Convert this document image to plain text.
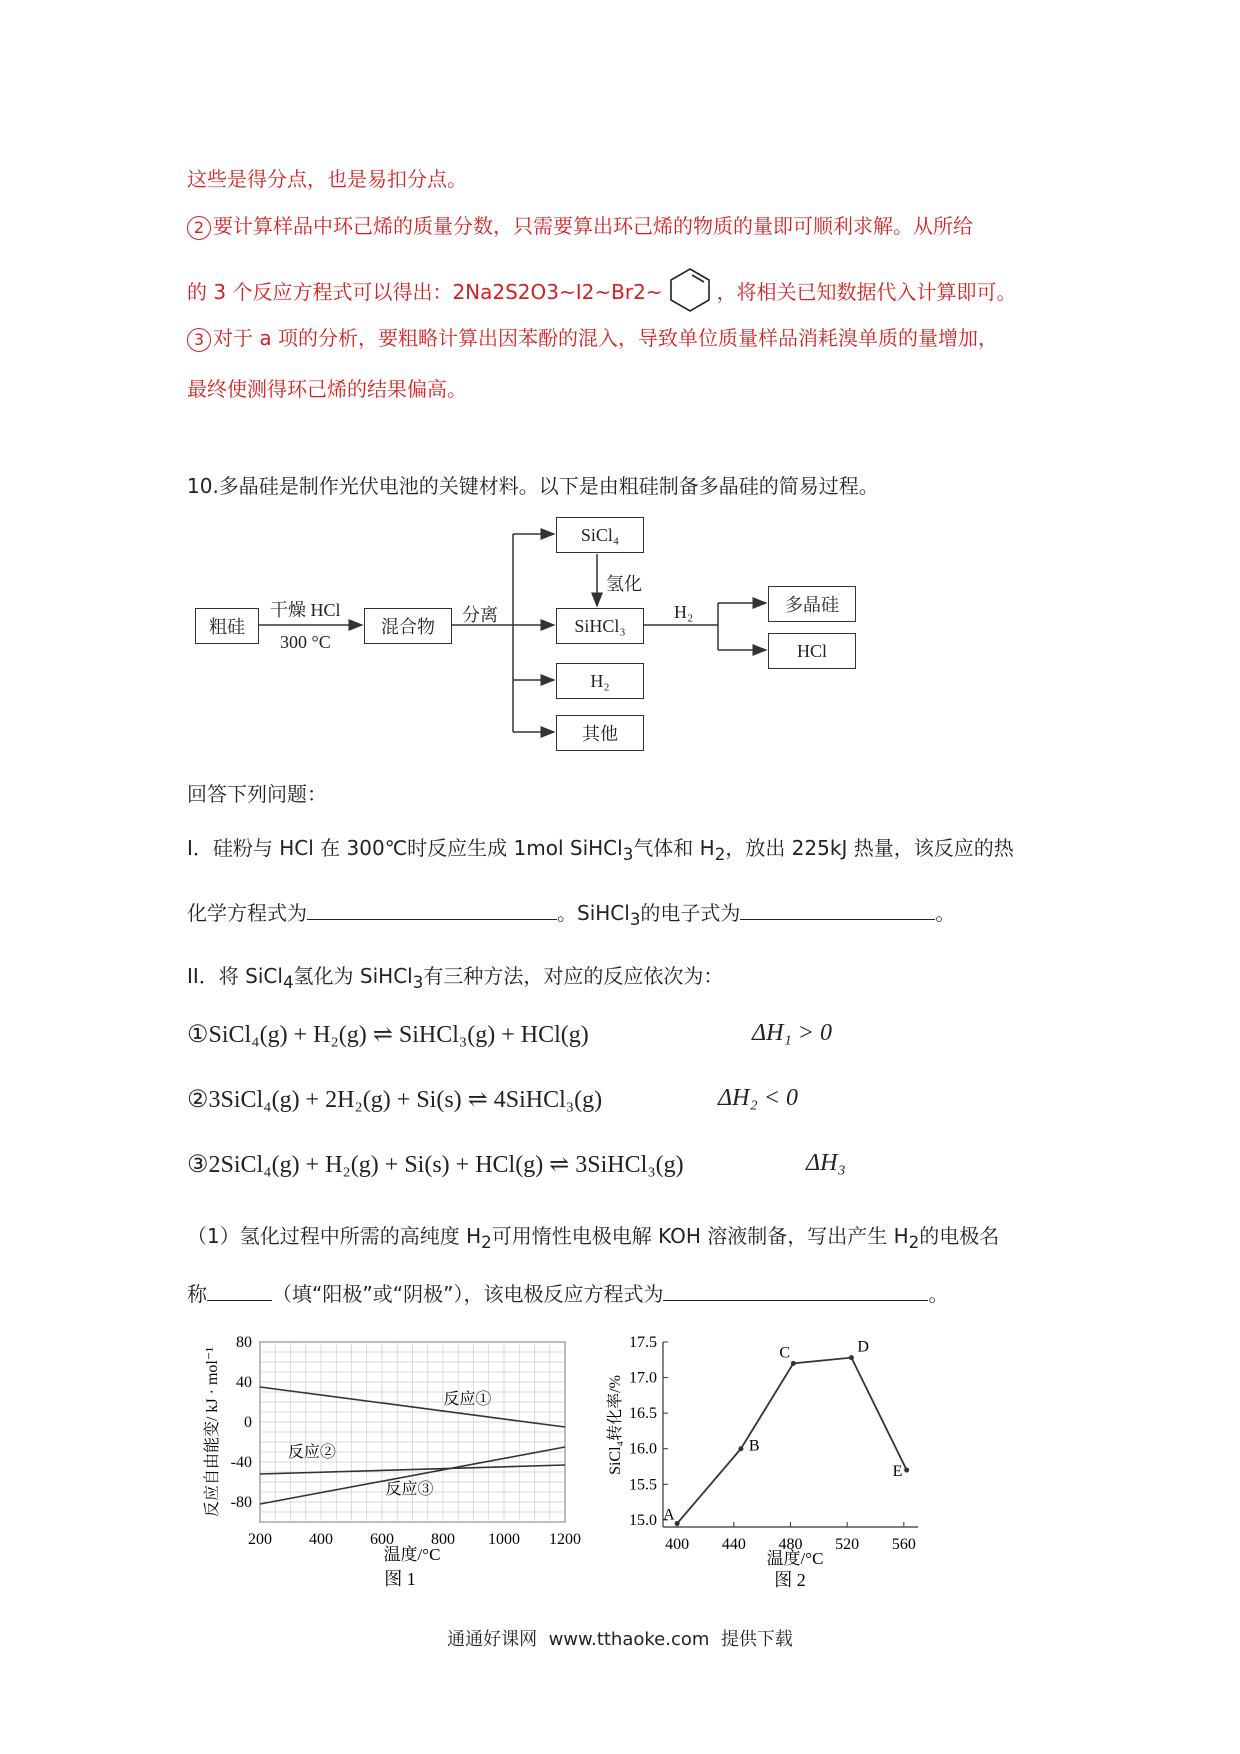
这些是得分点，也是易扣分点。
2 要计算样品中环己烯的质量分数，只需要算出环己烯的物质的量即可顺利求解。从所给
的 3 个反应方程式可以得出：2Na2S2O3~I2~Br2~	，将相关已知数据代入计算即可。
3 对于 a 项的分析，要粗略计算出因苯酚的混入，导致单位质量样品消耗溴单质的量增加，
最终使测得环己烯的结果偏高。
10.多晶硅是制作光伏电池的关键材料。以下是由粗硅制备多晶硅的简易过程。
粗硅
干燥 HCl
300 °C
混合物
分离
SiCl₄
氢化
SiHCl₃
H₂
其他
H₂	多晶硅
HCl
回答下列问题：
I．硅粉与 HCl 在 300℃时反应生成 1mol SiHCl$_3$气体和 $H_2$，放出 225kJ 热量，该反应的热
化学方程式为	。SiHCl$_3$的电子式为	。
II．将 SiCl$_4$氢化为 SiHCl$_3$有三种方法，对应的反应依次为：
①SiCl₄(g) + H₂(g) ⇌ SiHCl₃(g) + HCl(g)	ΔH₁ > 0
②3SiCl₄(g) + 2H₂(g) + Si(s) ⇌ 4SiHCl₃(g)	ΔH₂ < 0
③2SiCl₄(g) + H₂(g) + Si(s) + HCl(g) ⇌ 3SiHCl₃(g)	ΔH₃
（1）氢化过程中所需的高纯度 $H_2$可用惰性电极电解 KOH 溶液制备，写出产生 $H_2$的电极名
称	（填“阳极”或“阴极”），该电极反应方程式为	。
200 400 600 800 1000 1200
80
40
0
-40
-80
反应①
反应②
反应③
反应自由能变/ kJ · mol⁻¹
温度/°C
图 1
400 440 480 520 560
15.0
15.5
16.0
16.5
17.0
17.5
A
B
C	D
E
SiCl₄转化率/%
温度/°C
图 2
通通好课网  www.tthaoke.com  提供下载
